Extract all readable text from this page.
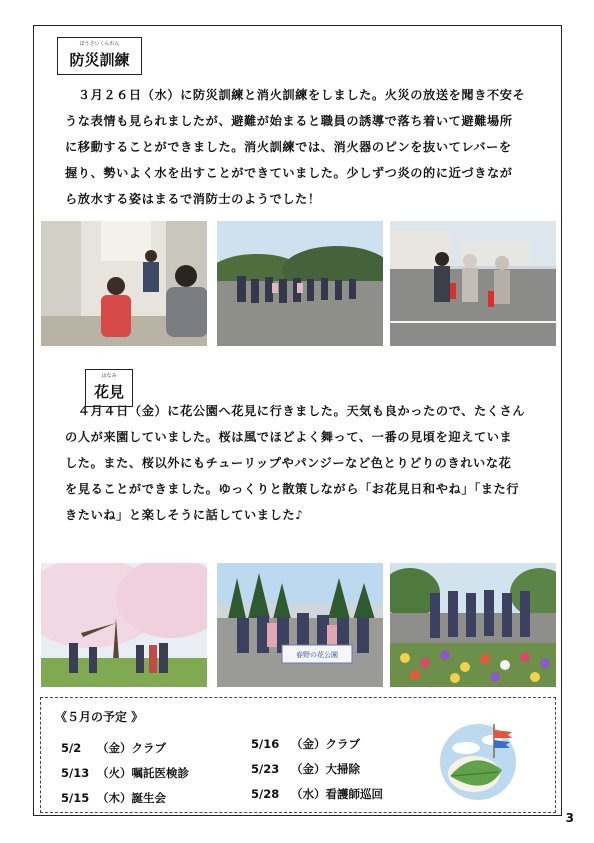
ぼうさいくんれん
防災訓練

　３月２６日（水）に防災訓練と消火訓練をしました。火災の放送を聞き不安そ

うな表情も見られましたが、避難が始まると職員の誘導で落ち着いて避難場所

に移動することができました。消火訓練では、消火器のピンを抜いてレバーを

握り、勢いよく水を出すことができていました。少しずつ炎の的に近づきなが

ら放水する姿はまるで消防士のようでした！

はなみ
花見

　４月４日（金）に花公園へ花見に行きました。天気も良かったので、たくさん

の人が来園していました。桜は風でほどよく舞って、一番の見頃を迎えていま

した。また、桜以外にもチューリップやパンジーなど色とりどりのきれいな花

を見ることができました。ゆっくりと散策しながら「お花見日和やね」「また行

きたいね」と楽しそうに話していました♪

春野の花公園
《５月の予定 》
5/2 （金）クラブ
5/13 （火）嘱託医検診
5/15 （木）誕生会
5/16 （金）クラブ
5/23 （金）大掃除
5/28 （水）看護師巡回
3
